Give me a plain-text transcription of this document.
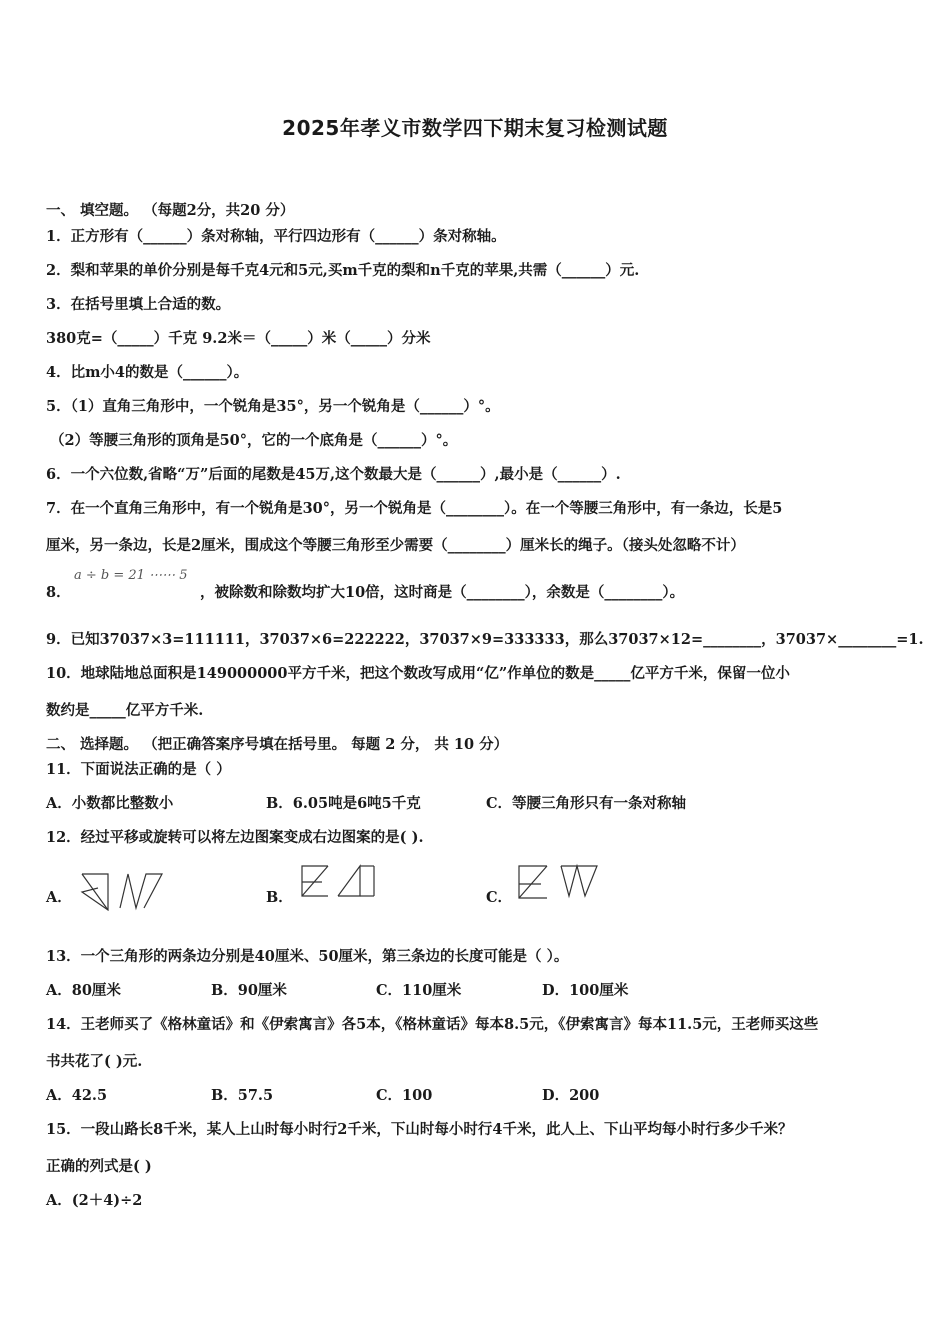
2025年孝义市数学四下期末复习检测试题
一、 填空题。 （每题2分，共20 分）
1．正方形有（______）条对称轴，平行四边形有（______）条对称轴。
2．梨和苹果的单价分别是每千克4元和5元,买m千克的梨和n千克的苹果,共需（______）元.
3．在括号里填上合适的数。
380克=（_____）千克 9.2米＝（_____）米（_____）分米
4．比m小4的数是（______）。
5．（1）直角三角形中，一个锐角是35°，另一个锐角是（______）°。
（2）等腰三角形的顶角是50°，它的一个底角是（______）°。
6．一个六位数,省略“万”后面的尾数是45万,这个数最大是（______）,最小是（______）.
7．在一个直角三角形中，有一个锐角是30°，另一个锐角是（________）。在一个等腰三角形中，有一条边，长是5
厘米，另一条边，长是2厘米，围成这个等腰三角形至少需要（________）厘米长的绳子。（接头处忽略不计）
8．
a ÷ b = 21 ⋯⋯ 5
，被除数和除数均扩大10倍，这时商是（________），余数是（________）。
9．已知37037×3=111111，37037×6=222222，37037×9=333333，那么37037×12=________，37037×________=1.
10．地球陆地总面积是149000000平方千米，把这个数改写成用“亿”作单位的数是_____亿平方千米，保留一位小
数约是_____亿平方千米.
二、 选择题。 （把正确答案序号填在括号里。 每题 2 分， 共 10 分）
11．下面说法正确的是（ ）
A．小数都比整数小	B．6.05吨是6吨5千克	C．等腰三角形只有一条对称轴
12．经过平移或旋转可以将左边图案变成右边图案的是( ).
A．	B．	C．
13．一个三角形的两条边分别是40厘米、50厘米，第三条边的长度可能是（ ）。
A．80厘米	B．90厘米	C．110厘米	D．100厘米
14．王老师买了《格林童话》和《伊索寓言》各5本，《格林童话》每本8.5元，《伊索寓言》每本11.5元，王老师买这些
书共花了( )元.
A．42.5	B．57.5	C．100	D．200
15．一段山路长8千米，某人上山时每小时行2千米，下山时每小时行4千米，此人上、下山平均每小时行多少千米？
正确的列式是( )
A．(2＋4)÷2
